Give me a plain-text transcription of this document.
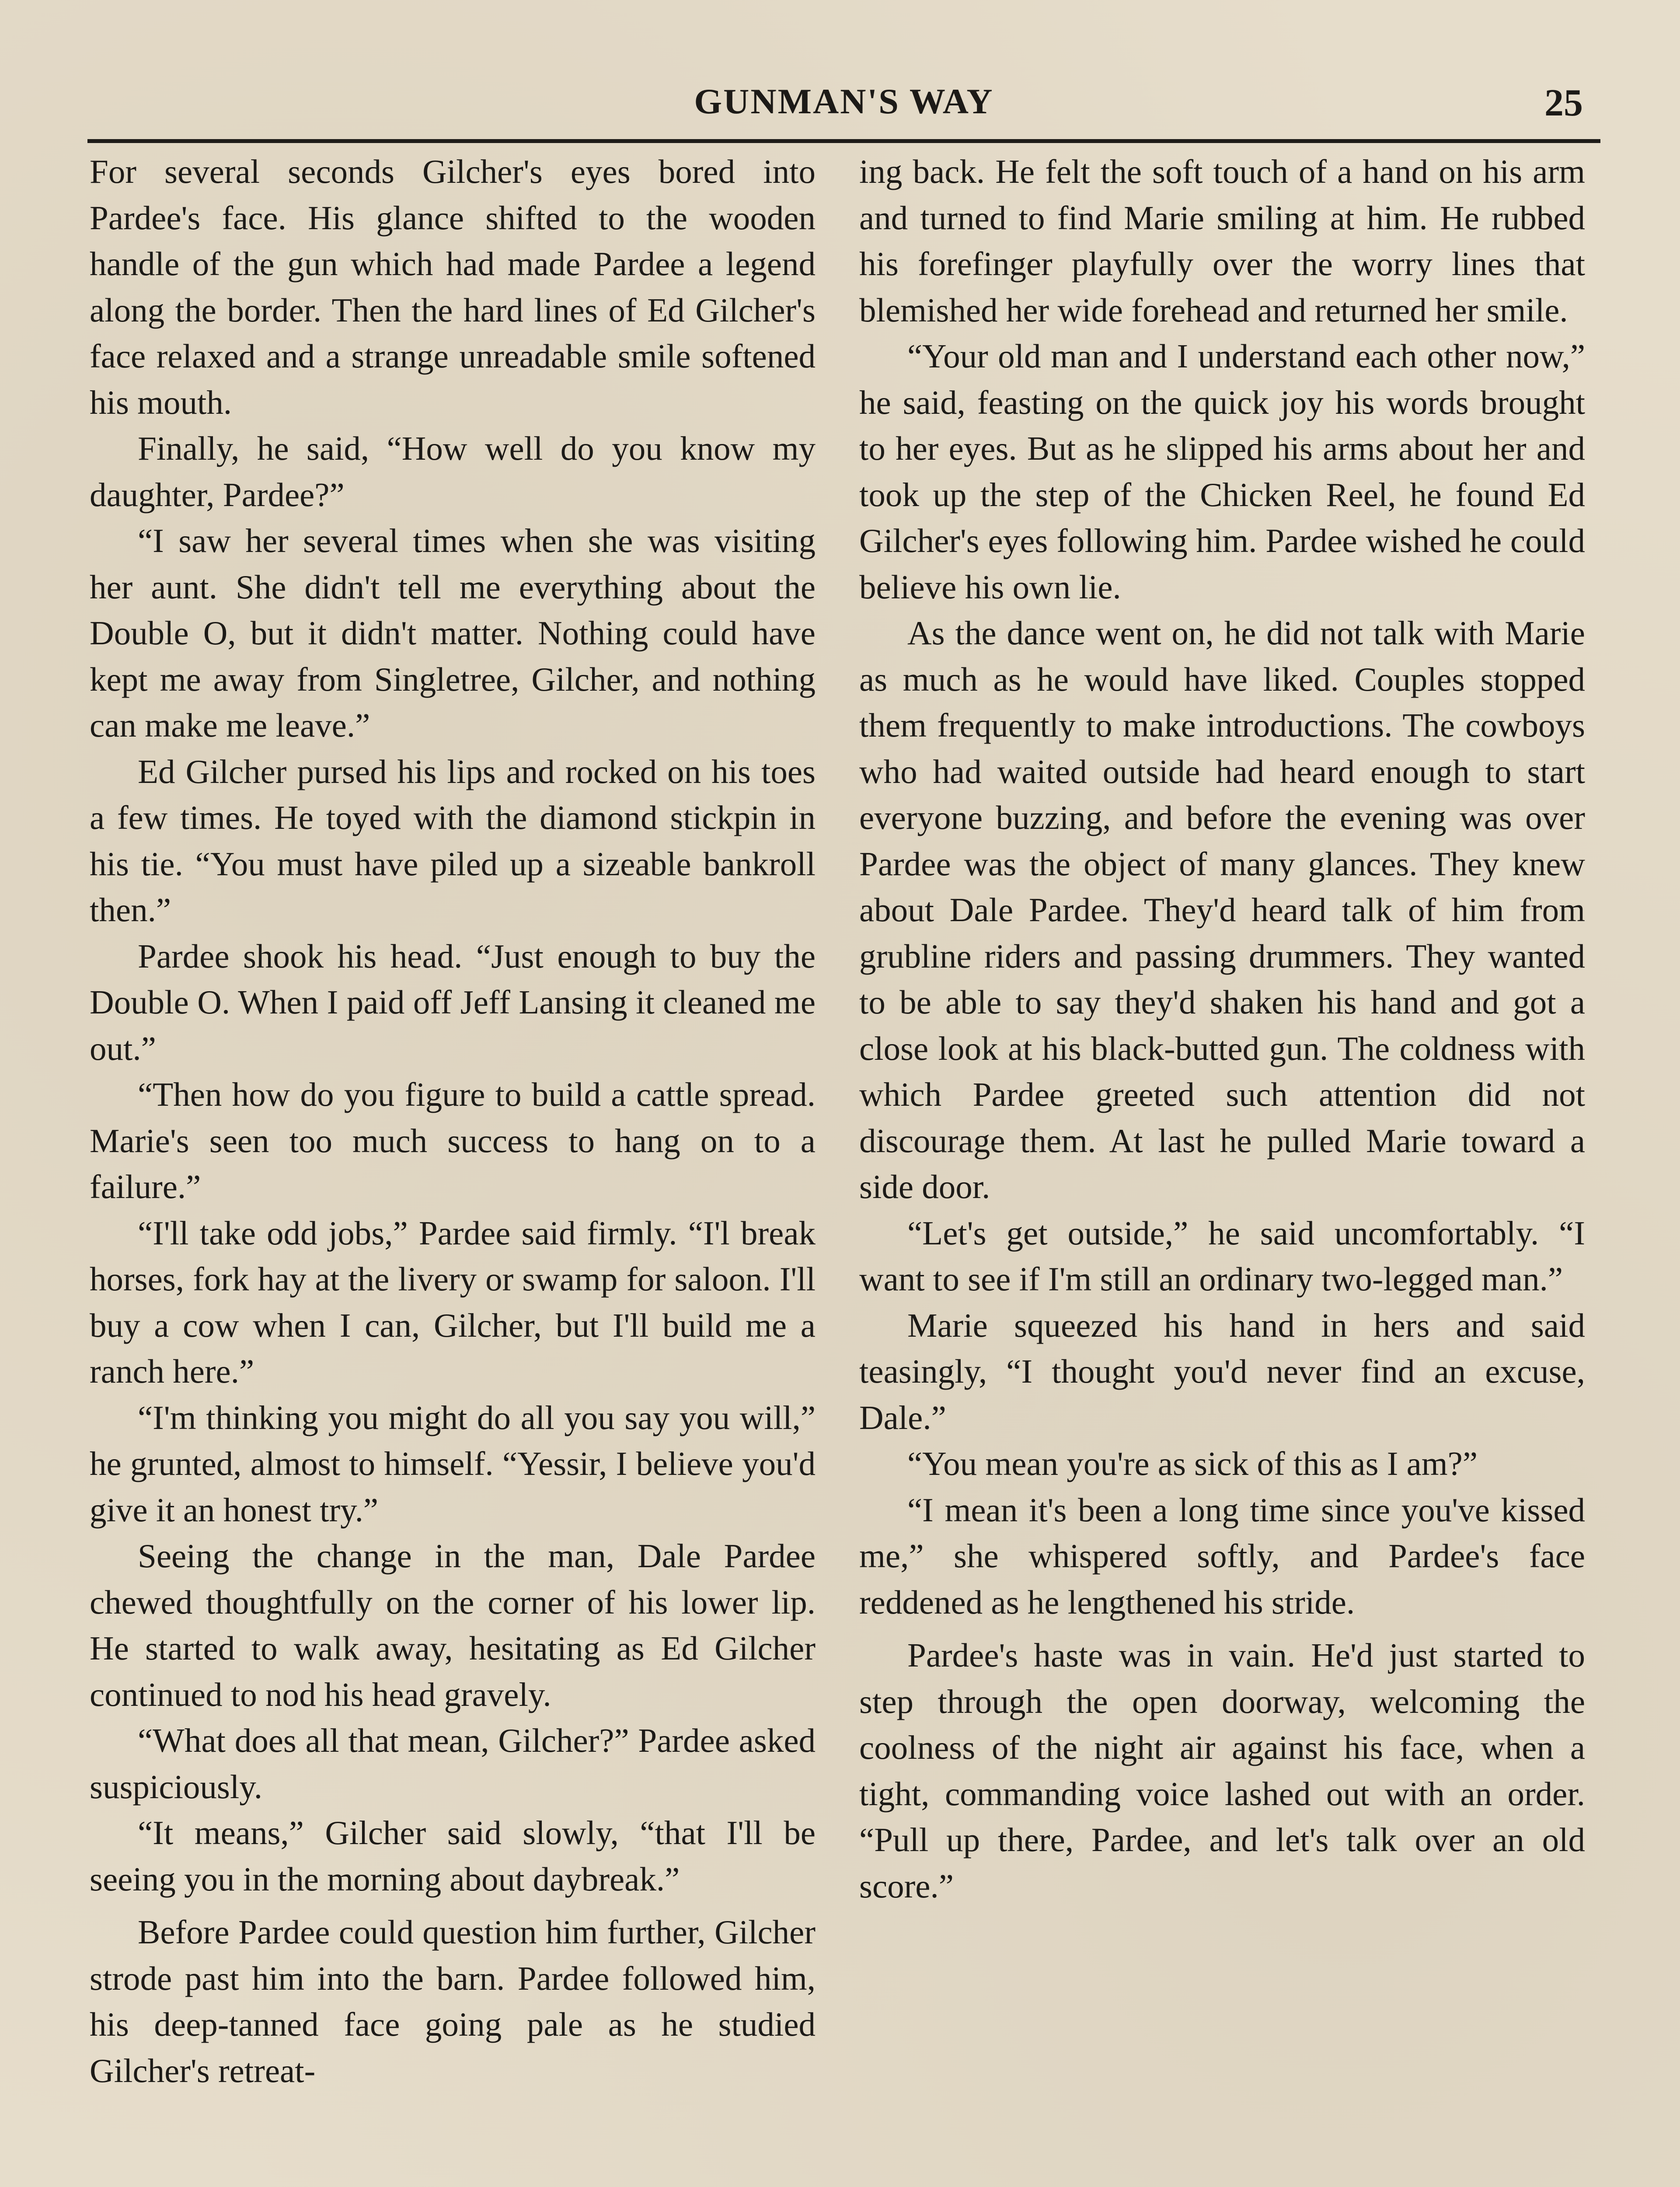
GUNMAN'S WAY	25

For several seconds Gilcher's eyes bored into Pardee's face. His glance shifted to the wooden handle of the gun which had made Pardee a legend along the border. Then the hard lines of Ed Gilcher's face relaxed and a strange unreadable smile softened his mouth.

Finally, he said, “How well do you know my daughter, Pardee?”

“I saw her several times when she was visiting her aunt. She didn't tell me everything about the Double O, but it didn't matter. Nothing could have kept me away from Singletree, Gilcher, and nothing can make me leave.”

Ed Gilcher pursed his lips and rocked on his toes a few times. He toyed with the diamond stickpin in his tie. “You must have piled up a sizeable bankroll then.”

Pardee shook his head. “Just enough to buy the Double O. When I paid off Jeff Lansing it cleaned me out.”

“Then how do you figure to build a cattle spread. Marie's seen too much success to hang on to a failure.”

“I'll take odd jobs,” Pardee said firmly. “I'l break horses, fork hay at the livery or swamp for saloon. I'll buy a cow when I can, Gilcher, but I'll build me a ranch here.”

“I'm thinking you might do all you say you will,” he grunted, almost to himself. “Yessir, I believe you'd give it an honest try.”

Seeing the change in the man, Dale Pardee chewed thoughtfully on the corner of his lower lip. He started to walk away, hesitating as Ed Gilcher continued to nod his head gravely.

“What does all that mean, Gilcher?” Pardee asked suspiciously.

“It means,” Gilcher said slowly, “that I'll be seeing you in the morning about daybreak.”

Before Pardee could question him further, Gilcher strode past him into the barn. Pardee followed him, his deep-tanned face going pale as he studied Gilcher's retreat-

ing back. He felt the soft touch of a hand on his arm and turned to find Marie smiling at him. He rubbed his forefinger playfully over the worry lines that blemished her wide forehead and returned her smile.

“Your old man and I understand each other now,” he said, feasting on the quick joy his words brought to her eyes. But as he slipped his arms about her and took up the step of the Chicken Reel, he found Ed Gilcher's eyes following him. Pardee wished he could believe his own lie.

As the dance went on, he did not talk with Marie as much as he would have liked. Couples stopped them frequently to make introductions. The cowboys who had waited outside had heard enough to start everyone buzzing, and before the evening was over Pardee was the object of many glances. They knew about Dale Pardee. They'd heard talk of him from grubline riders and passing drummers. They wanted to be able to say they'd shaken his hand and got a close look at his black-butted gun. The coldness with which Pardee greeted such attention did not discourage them. At last he pulled Marie toward a side door.

“Let's get outside,” he said uncomfortably. “I want to see if I'm still an ordinary two-legged man.”

Marie squeezed his hand in hers and said teasingly, “I thought you'd never find an excuse, Dale.”

“You mean you're as sick of this as I am?”

“I mean it's been a long time since you've kissed me,” she whispered softly, and Pardee's face reddened as he lengthened his stride.

Pardee's haste was in vain. He'd just started to step through the open doorway, welcoming the coolness of the night air against his face, when a tight, commanding voice lashed out with an order. “Pull up there, Pardee, and let's talk over an old score.”
